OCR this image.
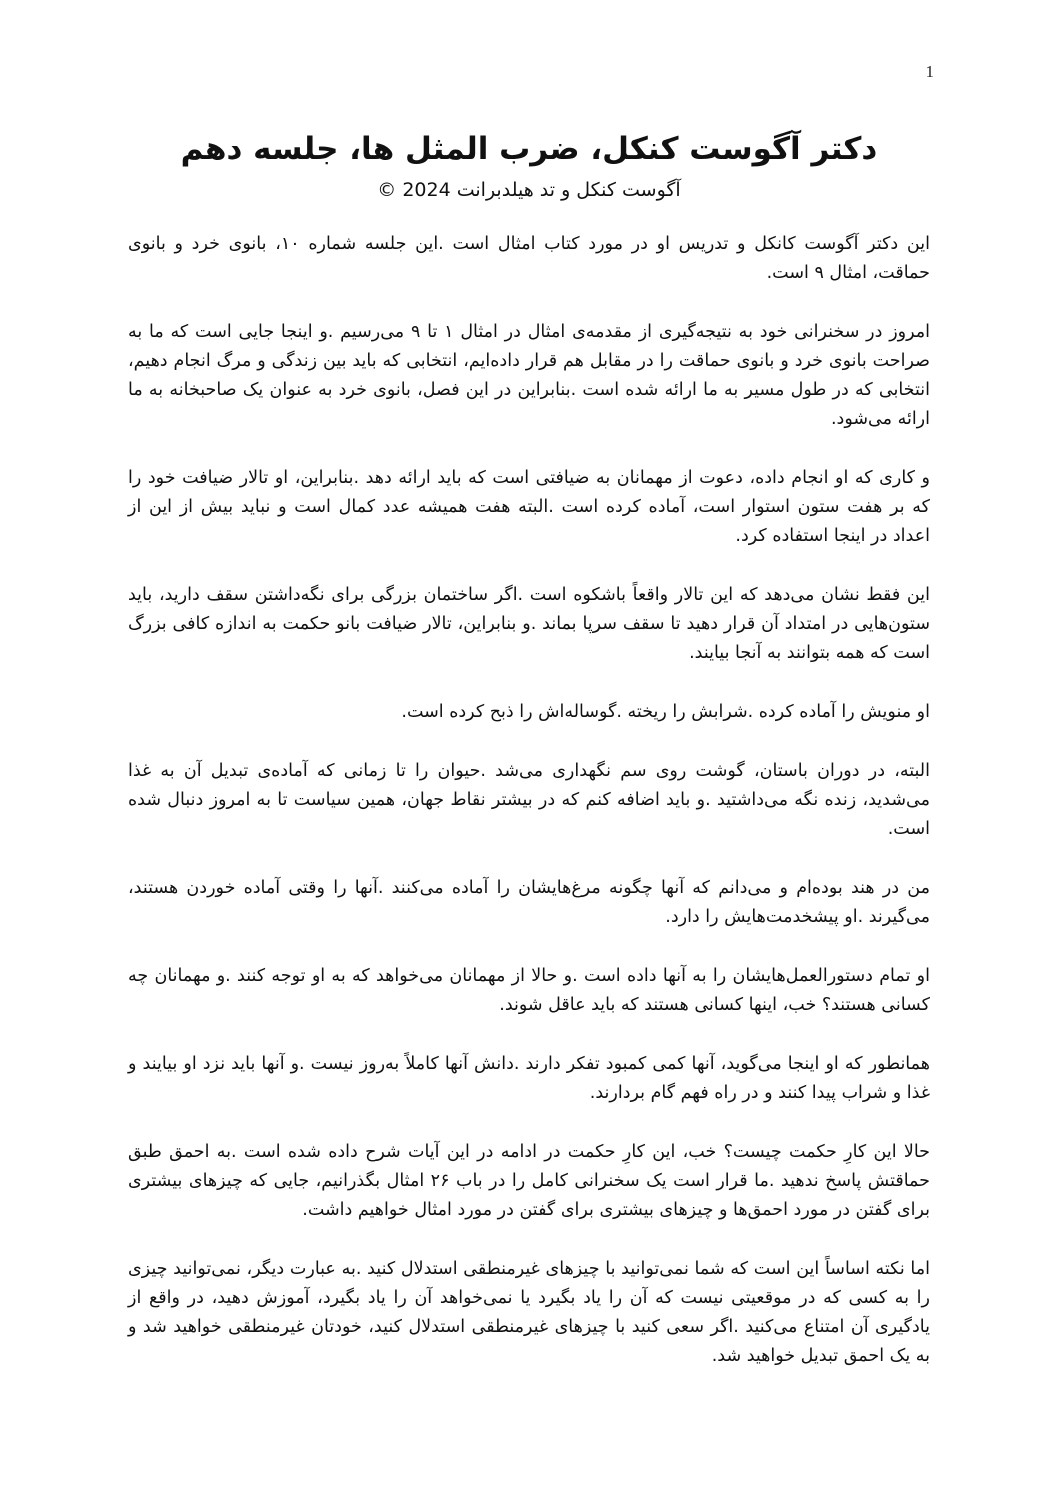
1
دکتر آگوست کنکل، ضرب المثل ها، جلسه دهم
آگوست کنکل و تد هیلدبرانت 2024 ©

این دکتر آگوست کانکل و تدریس او در مورد کتاب امثال است .این جلسه شماره ۱۰، بانوی خرد و بانوی حماقت، امثال ۹ است.

امروز در سخنرانی خود به نتیجه‌گیری از مقدمه‌ی امثال در امثال ۱ تا ۹ می‌رسیم .و اینجا جایی است که ما به صراحت بانوی خرد و بانوی حماقت را در مقابل هم قرار داده‌ایم، انتخابی که باید بین زندگی و مرگ انجام دهیم، انتخابی که در طول مسیر به ما ارائه شده است .بنابراین در این فصل، بانوی خرد به عنوان یک صاحبخانه به ما ارائه می‌شود.

و کاری که او انجام داده، دعوت از مهمانان به ضیافتی است که باید ارائه دهد .بنابراین، او تالار ضیافت خود را که بر هفت ستون استوار است، آماده کرده است .البته هفت همیشه عدد کمال است و نباید بیش از این از اعداد در اینجا استفاده کرد.

این فقط نشان می‌دهد که این تالار واقعاً باشکوه است .اگر ساختمان بزرگی برای نگه‌داشتن سقف دارید، باید ستون‌هایی در امتداد آن قرار دهید تا سقف سرپا بماند .و بنابراین، تالار ضیافت بانو حکمت به اندازه کافی بزرگ است که همه بتوانند به آنجا بیایند.

او منویش را آماده کرده .شرابش را ریخته .گوساله‌اش را ذبح کرده است.

البته، در دوران باستان، گوشت روی سم نگهداری می‌شد .حیوان را تا زمانی که آماده‌ی تبدیل آن به غذا می‌شدید، زنده نگه می‌داشتید .و باید اضافه کنم که در بیشتر نقاط جهان، همین سیاست تا به امروز دنبال شده است.

من در هند بوده‌ام و می‌دانم که آنها چگونه مرغ‌هایشان را آماده می‌کنند .آنها را وقتی آماده خوردن هستند، می‌گیرند .او پیشخدمت‌هایش را دارد.

او تمام دستورالعمل‌هایشان را به آنها داده است .و حالا از مهمانان می‌خواهد که به او توجه کنند .و مهمانان چه کسانی هستند؟ خب، اینها کسانی هستند که باید عاقل شوند.

همانطور که او اینجا می‌گوید، آنها کمی کمبود تفکر دارند .دانش آنها کاملاً به‌روز نیست .و آنها باید نزد او بیایند و غذا و شراب پیدا کنند و در راه فهم گام بردارند.

حالا این کارِ حکمت چیست؟ خب، این کارِ حکمت در ادامه در این آیات شرح داده شده است .به احمق طبق حماقتش پاسخ ندهید .ما قرار است یک سخنرانی کامل را در باب ۲۶ امثال بگذرانیم، جایی که چیزهای بیشتری برای گفتن در مورد احمق‌ها و چیزهای بیشتری برای گفتن در مورد امثال خواهیم داشت.

اما نکته اساساً این است که شما نمی‌توانید با چیزهای غیرمنطقی استدلال کنید .به عبارت دیگر، نمی‌توانید چیزی را به کسی که در موقعیتی نیست که آن را یاد بگیرد یا نمی‌خواهد آن را یاد بگیرد، آموزش دهید، در واقع از یادگیری آن امتناع می‌کنید .اگر سعی کنید با چیزهای غیرمنطقی استدلال کنید، خودتان غیرمنطقی خواهید شد و به یک احمق تبدیل خواهید شد.
